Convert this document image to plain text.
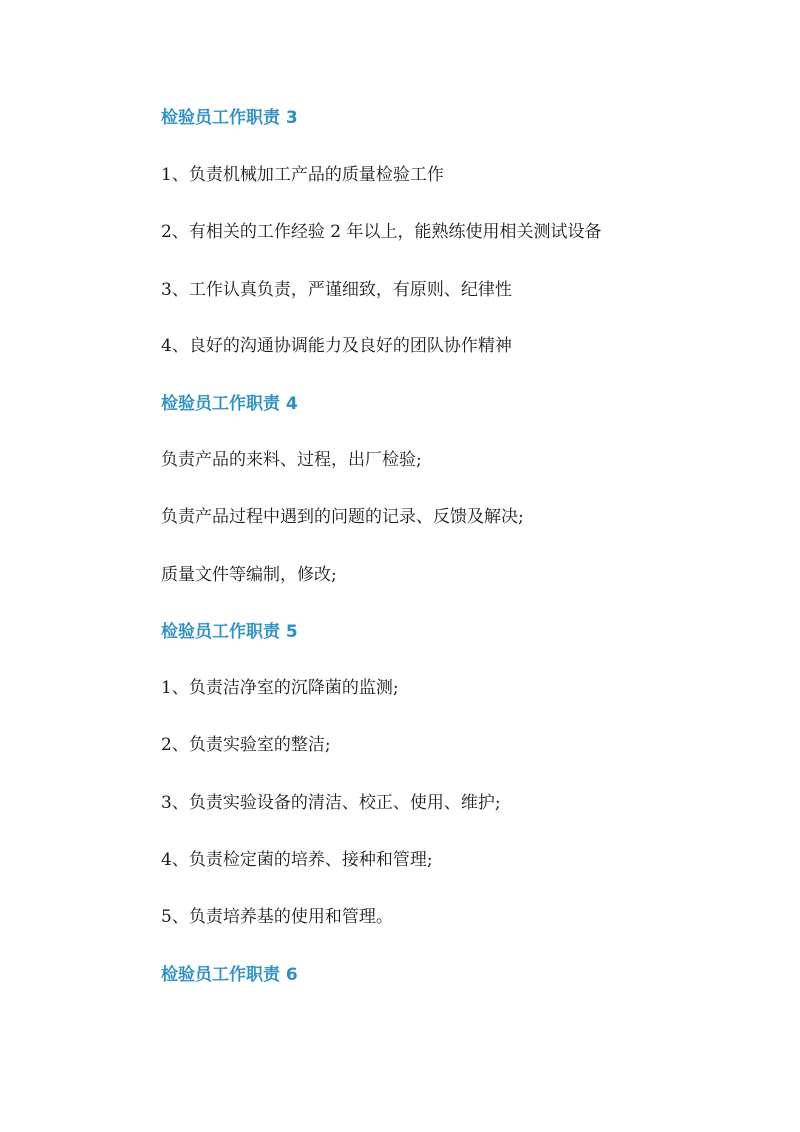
检验员工作职责 3
1、负责机械加工产品的质量检验工作
2、有相关的工作经验 2 年以上，能熟练使用相关测试设备
3、工作认真负责，严谨细致，有原则、纪律性
4、良好的沟通协调能力及良好的团队协作精神
检验员工作职责 4
负责产品的来料、过程，出厂检验;
负责产品过程中遇到的问题的记录、反馈及解决;
质量文件等编制，修改;
检验员工作职责 5
1、负责洁净室的沉降菌的监测;
2、负责实验室的整洁;
3、负责实验设备的清洁、校正、使用、维护;
4、负责检定菌的培养、接种和管理;
5、负责培养基的使用和管理。
检验员工作职责 6
